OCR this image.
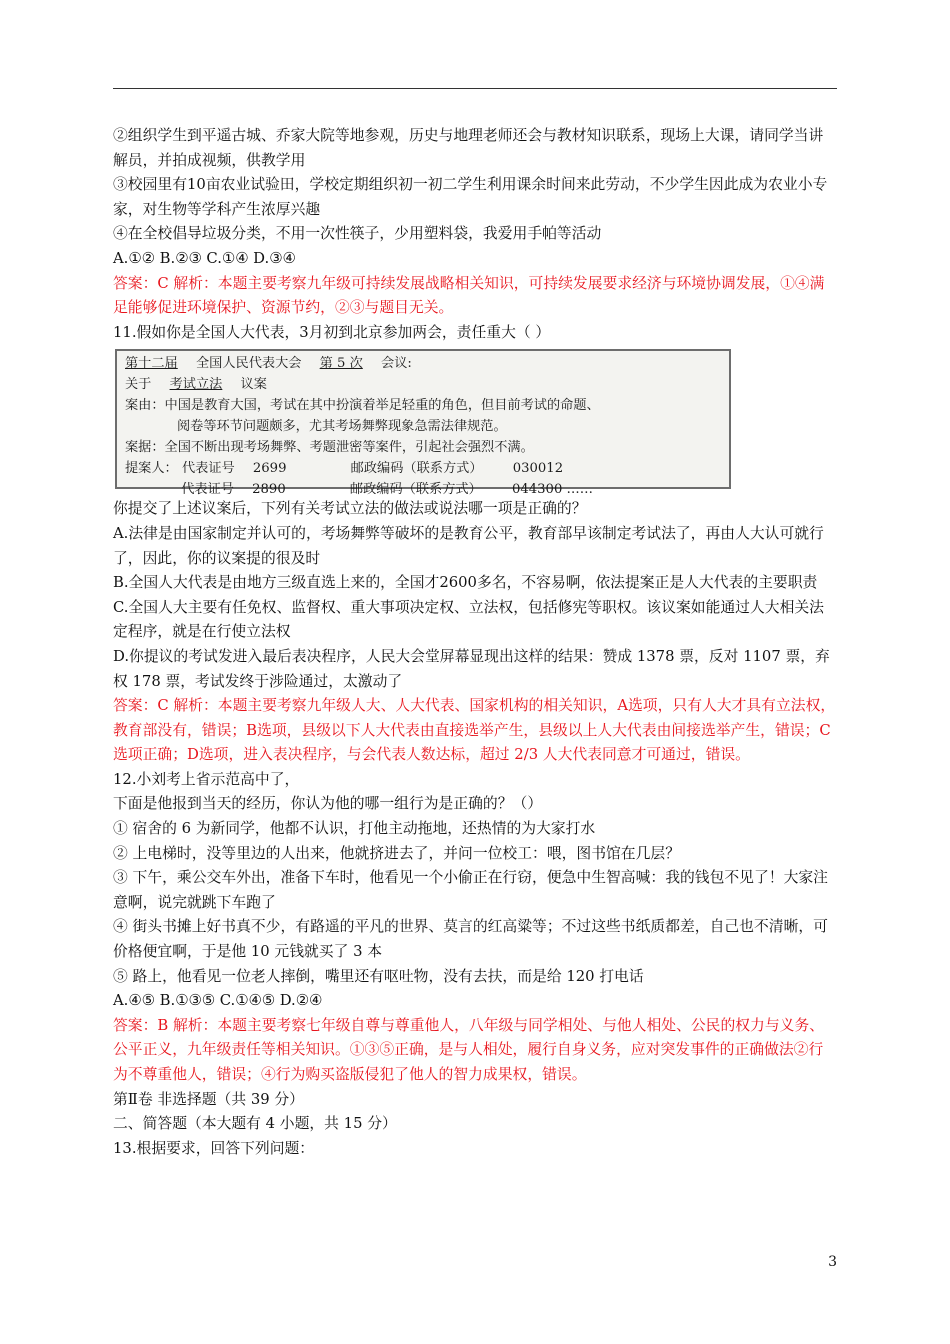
②组织学生到平遥古城、乔家大院等地参观，历史与地理老师还会与教材知识联系，现场上大课，请同学当讲解员，并拍成视频，供教学用

③校园里有10亩农业试验田，学校定期组织初一初二学生利用课余时间来此劳动，不少学生因此成为农业小专家，对生物等学科产生浓厚兴趣

④在全校倡导垃圾分类，不用一次性筷子，少用塑料袋，我爱用手帕等活动

A.①② B.②③ C.①④ D.③④

答案：C 解析：本题主要考察九年级可持续发展战略相关知识，可持续发展要求经济与环境协调发展，①④满足能够促进环境保护、资源节约，②③与题目无关。

11.假如你是全国人大代表，3月初到北京参加两会，责任重大（ ）

第十二届 全国人民代表大会 第 5 次 会议:
关于 考试立法 议案
案由：中国是教育大国，考试在其中扮演着举足轻重的角色，但目前考试的命题、
阅卷等环节问题颇多，尤其考场舞弊现象急需法律规范。
案据：全国不断出现考场舞弊、考题泄密等案件，引起社会强烈不满。
提案人： 代表证号 2699	邮政编码（联系方式） 030012
代表证号 2890	邮政编码（联系方式） 044300 ……

你提交了上述议案后，下列有关考试立法的做法或说法哪一项是正确的？

A.法律是由国家制定并认可的，考场舞弊等破坏的是教育公平，教育部早该制定考试法了，再由人大认可就行了，因此，你的议案提的很及时

B.全国人大代表是由地方三级直选上来的，全国才2600多名，不容易啊，依法提案正是人大代表的主要职责

C.全国人大主要有任免权、监督权、重大事项决定权、立法权，包括修宪等职权。该议案如能通过人大相关法定程序，就是在行使立法权

D.你提议的考试发进入最后表决程序，人民大会堂屏幕显现出这样的结果：赞成 1378 票，反对 1107 票，弃权 178 票，考试发终于涉险通过，太激动了

答案：C 解析：本题主要考察九年级人大、人大代表、国家机构的相关知识，A选项，只有人大才具有立法权，教育部没有，错误；B选项，县级以下人大代表由直接选举产生，县级以上人大代表由间接选举产生，错误；C选项正确；D选项，进入表决程序，与会代表人数达标，超过 2/3 人大代表同意才可通过，错误。

12.小刘考上省示范高中了，

下面是他报到当天的经历，你认为他的哪一组行为是正确的？（）

① 宿舍的 6 为新同学，他都不认识，打他主动拖地，还热情的为大家打水

② 上电梯时，没等里边的人出来，他就挤进去了，并问一位校工：喂，图书馆在几层？

③ 下午，乘公交车外出，准备下车时，他看见一个小偷正在行窃，便急中生智高喊：我的钱包不见了！大家注意啊，说完就跳下车跑了

④ 街头书摊上好书真不少，有路遥的平凡的世界、莫言的红高粱等；不过这些书纸质都差，自己也不清晰，可价格便宜啊，于是他 10 元钱就买了 3 本

⑤ 路上，他看见一位老人摔倒，嘴里还有呕吐物，没有去扶，而是给 120 打电话

A.④⑤ B.①③⑤ C.①④⑤ D.②④

答案：B 解析：本题主要考察七年级自尊与尊重他人，八年级与同学相处、与他人相处、公民的权力与义务、公平正义，九年级责任等相关知识。①③⑤正确，是与人相处，履行自身义务，应对突发事件的正确做法②行为不尊重他人，错误；④行为购买盗版侵犯了他人的智力成果权，错误。

第Ⅱ卷 非选择题（共 39 分）

二、简答题（本大题有 4 小题，共 15 分）

13.根据要求，回答下列问题：

3
